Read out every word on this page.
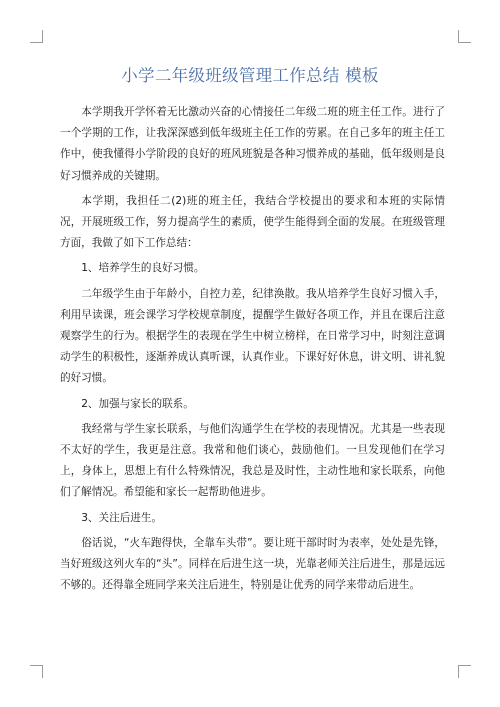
小学二年级班级管理工作总结 模板

本学期我开学怀着无比激动兴奋的心情接任二年级二班的班主任工作。进行了一个学期的工作，让我深深感到低年级班主任工作的劳累。在自己多年的班主任工作中，使我懂得小学阶段的良好的班风班貌是各种习惯养成的基础，低年级则是良好习惯养成的关键期。

本学期，我担任二(2)班的班主任，我结合学校提出的要求和本班的实际情况，开展班级工作，努力提高学生的素质，使学生能得到全面的发展。在班级管理方面，我做了如下工作总结：

1、培养学生的良好习惯。

二年级学生由于年龄小，自控力差，纪律涣散。我从培养学生良好习惯入手，利用早读课，班会课学习学校规章制度，提醒学生做好各项工作，并且在课后注意观察学生的行为。根据学生的表现在学生中树立榜样，在日常学习中，时刻注意调动学生的积极性，逐渐养成认真听课，认真作业。下课好好休息，讲文明、讲礼貌的好习惯。

2、加强与家长的联系。

我经常与学生家长联系，与他们沟通学生在学校的表现情况。尤其是一些表现不太好的学生，我更是注意。我常和他们谈心，鼓励他们。一旦发现他们在学习上，身体上，思想上有什么特殊情况，我总是及时性，主动性地和家长联系，向他们了解情况。希望能和家长一起帮助他进步。

3、关注后进生。

俗话说，“火车跑得快，全靠车头带”。要让班干部时时为表率，处处是先锋，当好班级这列火车的“头”。同样在后进生这一块，光靠老师关注后进生，那是远远不够的。还得靠全班同学来关注后进生，特别是让优秀的同学来带动后进生。
